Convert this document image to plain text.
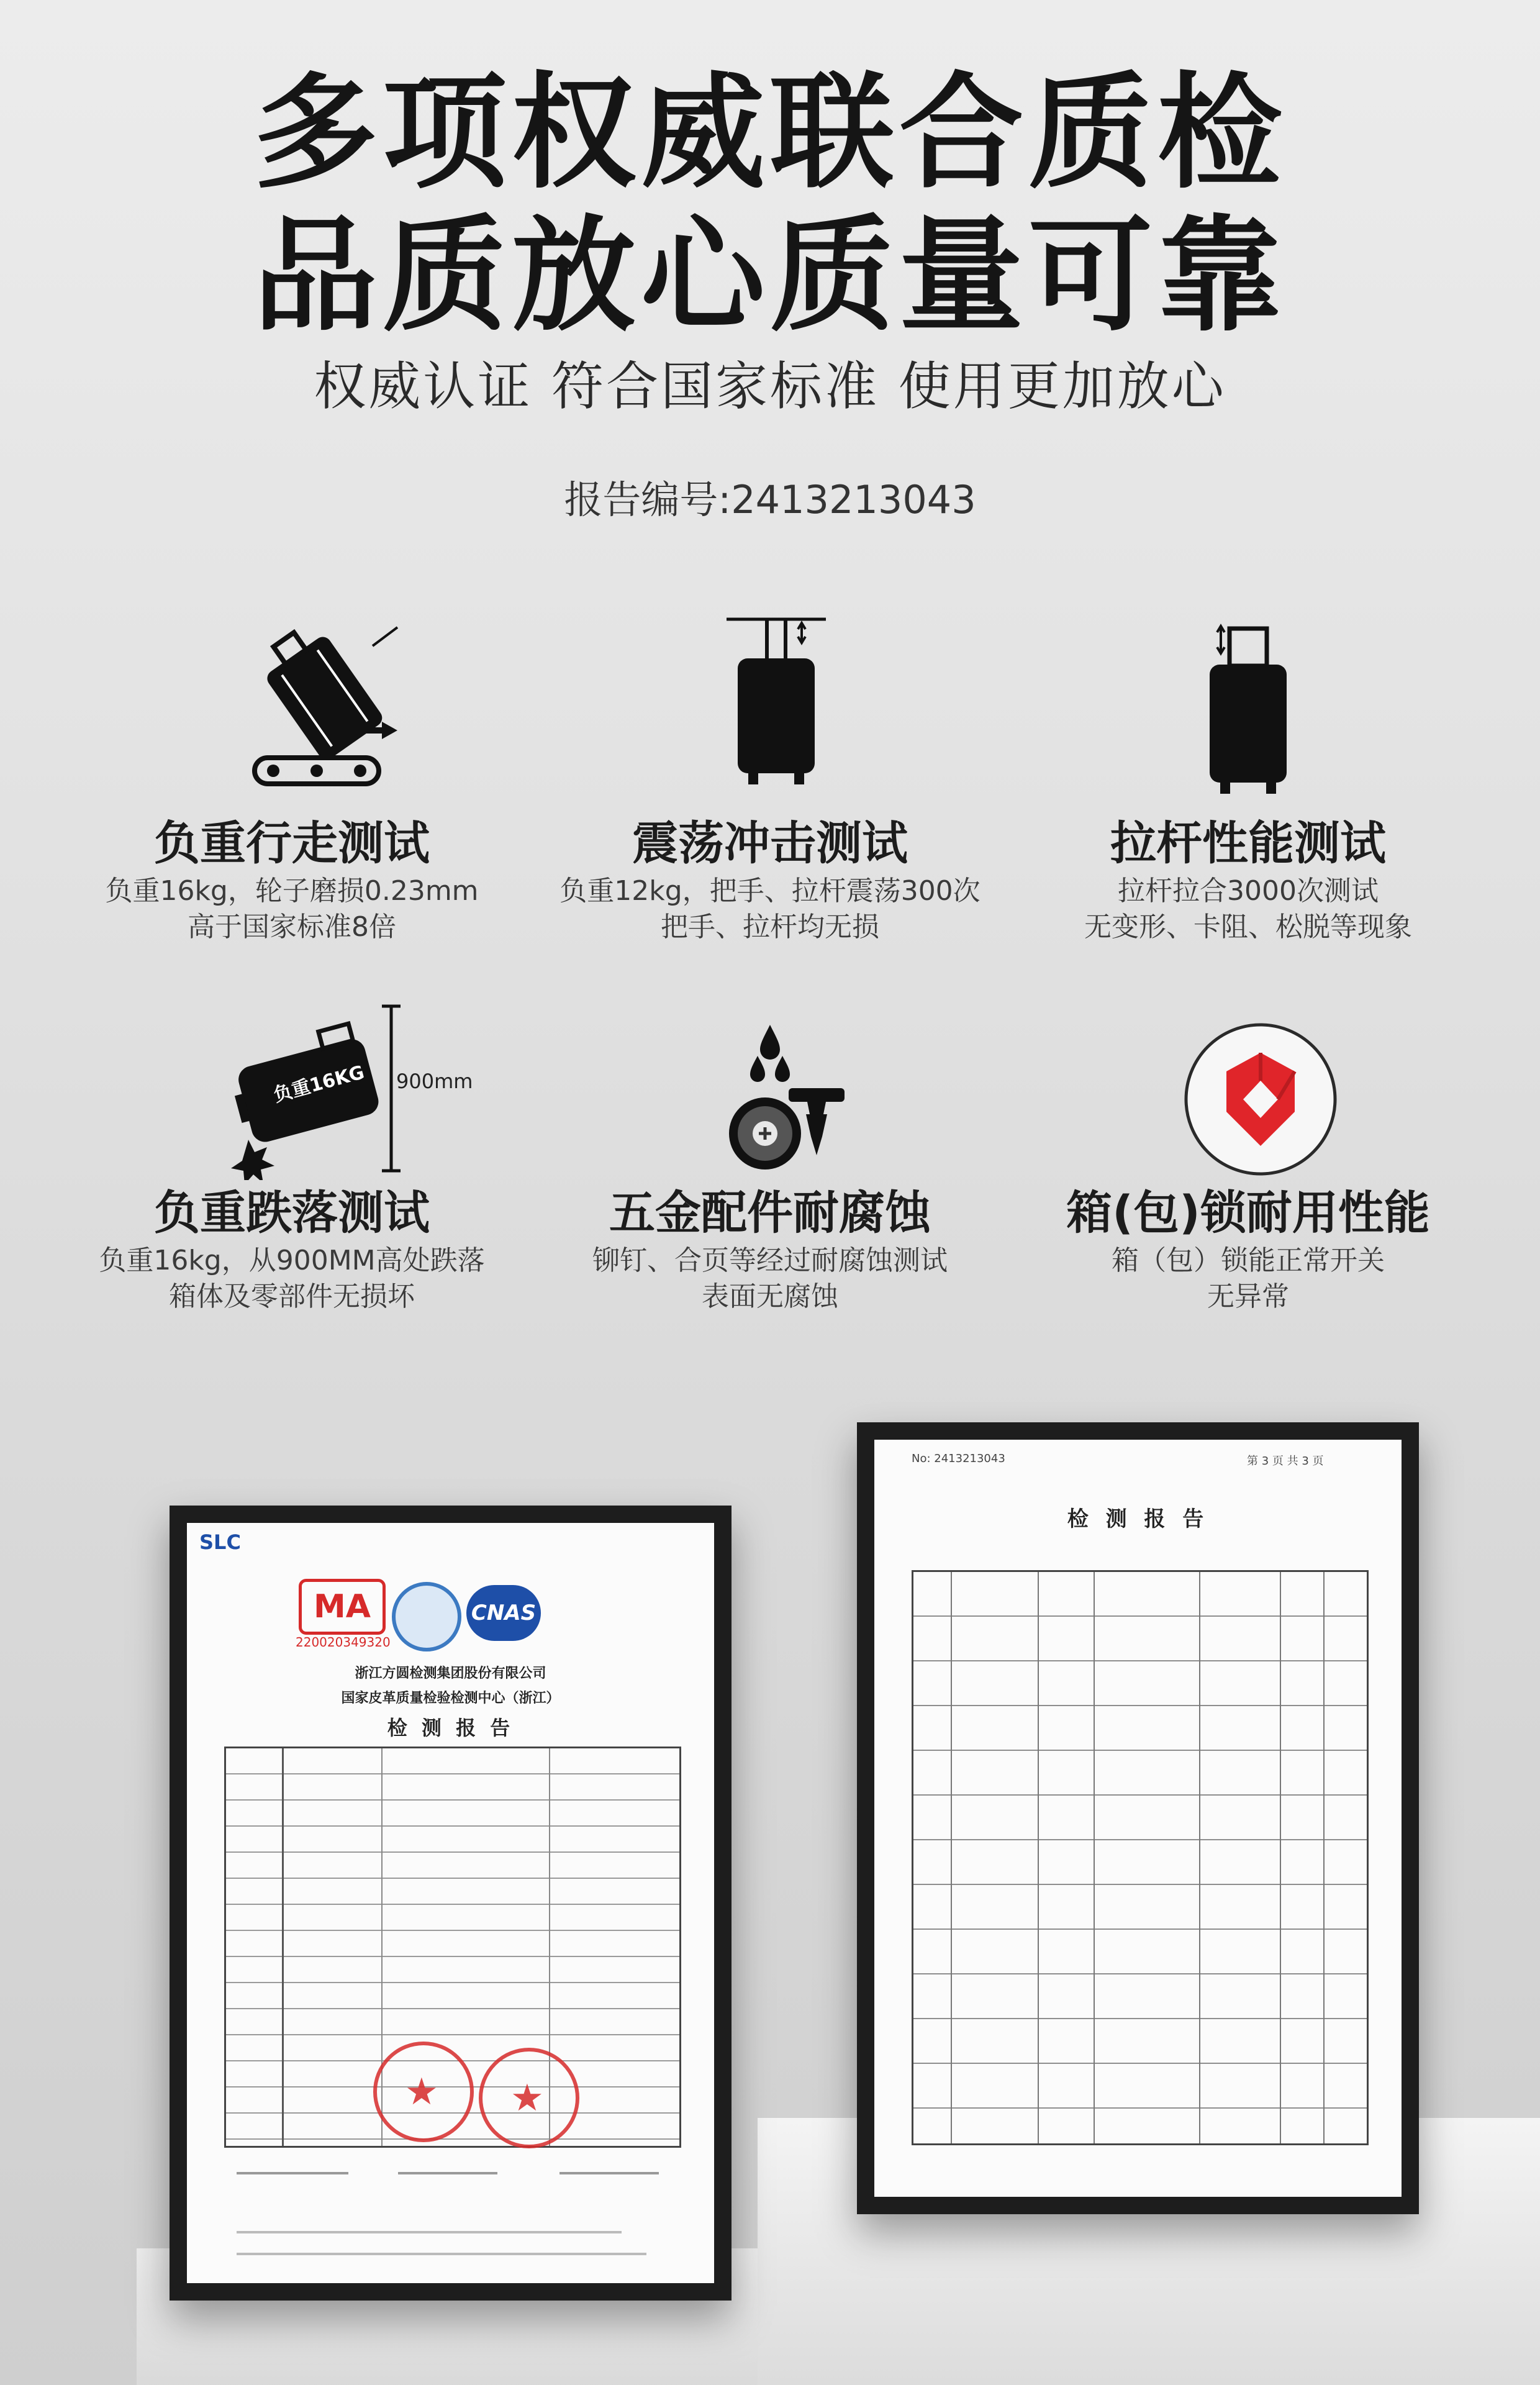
多项权威联合质检
品质放心质量可靠
权威认证 符合国家标准 使用更加放心
报告编号:2413213043
负重行走测试
负重16kg，轮子磨损0.23mm
高于国家标准8倍
震荡冲击测试
负重12kg，把手、拉杆震荡300次
把手、拉杆均无损
拉杆性能测试
拉杆拉合3000次测试
无变形、卡阻、松脱等现象
负重16KG 900mm
负重跌落测试
负重16kg，从900MM高处跌落
箱体及零部件无损坏
五金配件耐腐蚀
铆钉、合页等经过耐腐蚀测试
表面无腐蚀
箱(包)锁耐用性能
箱（包）锁能正常开关
无异常
SLC
MA
220020349320
CNAS
浙江方圆检测集团股份有限公司
国家皮革质量检验检测中心（浙江）
检 测 报 告
★ ★
No: 2413213043	第 3 页 共 3 页
检 测 报 告
